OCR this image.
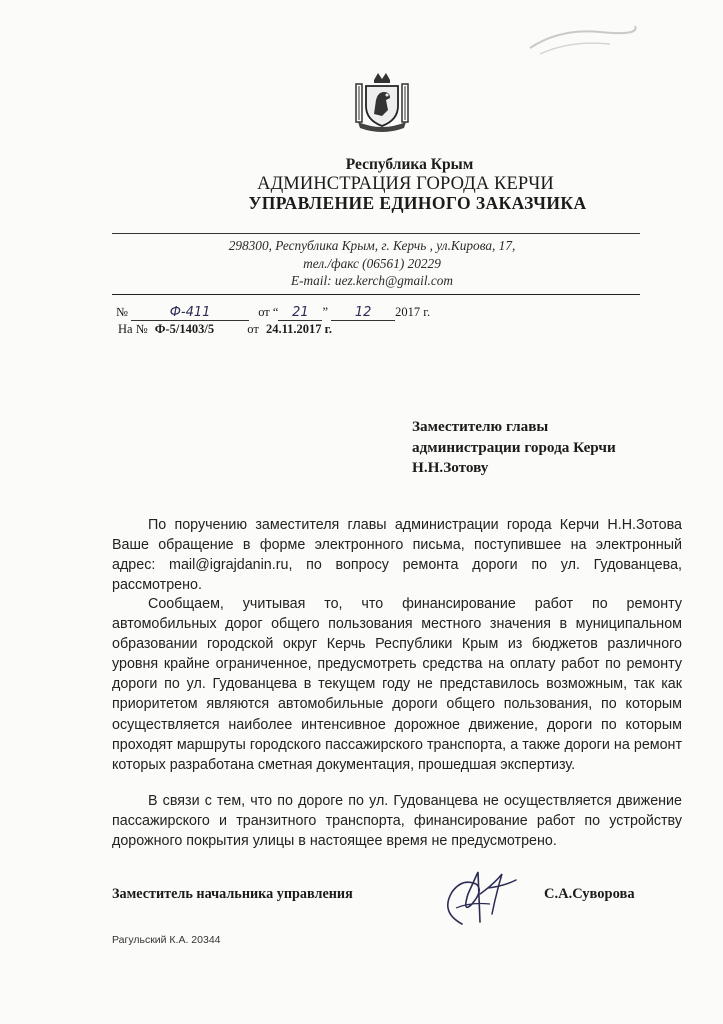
Республика Крым
АДМИНСТРАЦИЯ ГОРОДА КЕРЧИ
УПРАВЛЕНИЕ ЕДИНОГО ЗАКАЗЧИКА
298300, Республика Крым, г. Керчь , ул.Кирова, 17,
тел./факс (06561) 20229
E-mail: uez.kerch@gmail.com
№	Ф-411	от “ 21 ” 12 2017 г.
На № Ф-5/1403/5	от 24.11.2017 г.
Заместителю главы
администрации города Керчи
Н.Н.Зотову
По поручению заместителя главы администрации города Керчи Н.Н.Зотова Ваше обращение в форме электронного письма, поступившее на электронный адрес: mail@igrajdanin.ru, по вопросу ремонта дороги по ул. Гудованцева, рассмотрено.
Сообщаем, учитывая то, что финансирование работ по ремонту автомобильных дорог общего пользования местного значения в муниципальном образовании городской округ Керчь Республики Крым из бюджетов различного уровня крайне ограниченное, предусмотреть средства на оплату работ по ремонту дороги по ул. Гудованцева в текущем году не представилось возможным, так как приоритетом являются автомобильные дороги общего пользования, по которым осуществляется наиболее интенсивное дорожное движение, дороги по которым проходят маршруты городского пассажирского транспорта, а также дороги на ремонт которых разработана сметная документация, прошедшая экспертизу.
В связи с тем, что по дороге по ул. Гудованцева не осуществляется движение пассажирского и транзитного транспорта, финансирование работ по устройству дорожного покрытия улицы в настоящее время не предусмотрено.
Заместитель начальника управления	С.А.Суворова
Рагульский К.А. 20344
